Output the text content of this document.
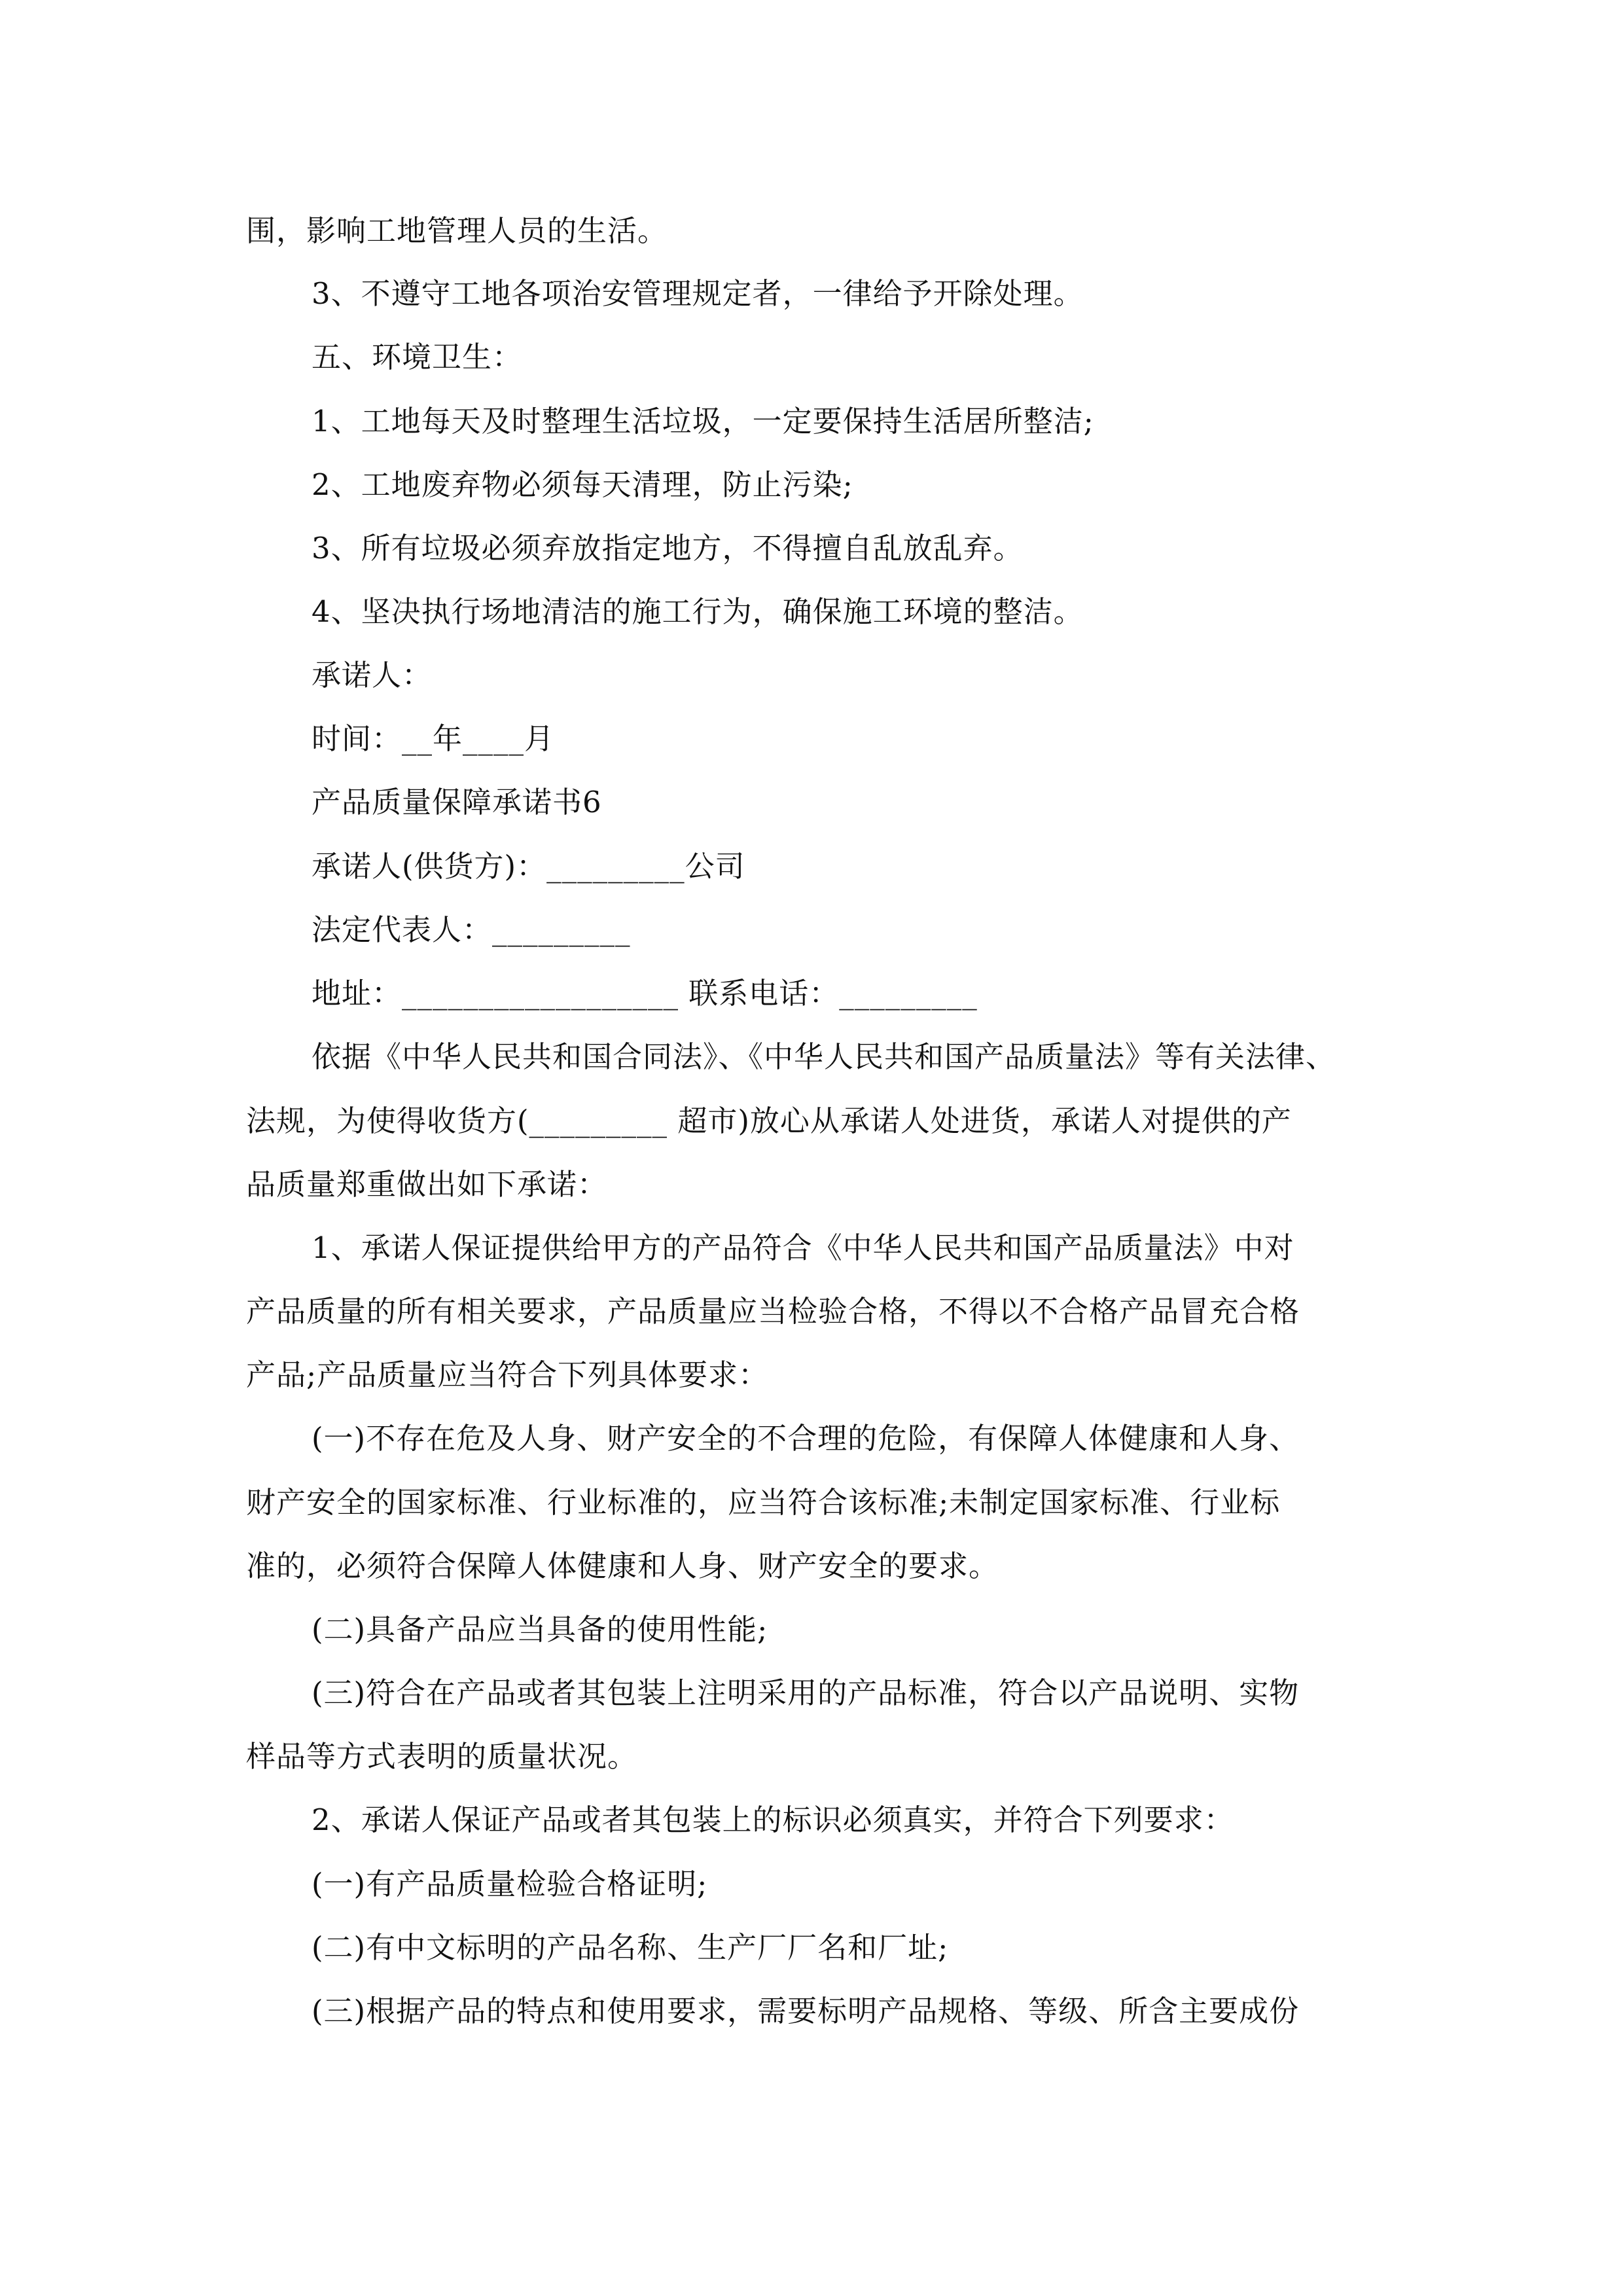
围，影响工地管理人员的生活。
3、不遵守工地各项治安管理规定者，一律给予开除处理。
五、环境卫生：
1、工地每天及时整理生活垃圾，一定要保持生活居所整洁;
2、工地废弃物必须每天清理，防止污染;
3、所有垃圾必须弃放指定地方，不得擅自乱放乱弃。
4、坚决执行场地清洁的施工行为，确保施工环境的整洁。
承诺人：
时间：__年____月
产品质量保障承诺书6
承诺人(供货方)：_________公司
法定代表人：_________
地址：__________________ 联系电话：_________
依据《中华人民共和国合同法》、《中华人民共和国产品质量法》等有关法律、
法规，为使得收货方(_________ 超市)放心从承诺人处进货，承诺人对提供的产
品质量郑重做出如下承诺：
1、承诺人保证提供给甲方的产品符合《中华人民共和国产品质量法》中对
产品质量的所有相关要求，产品质量应当检验合格，不得以不合格产品冒充合格
产品;产品质量应当符合下列具体要求：
(一)不存在危及人身、财产安全的不合理的危险，有保障人体健康和人身、
财产安全的国家标准、行业标准的，应当符合该标准;未制定国家标准、行业标
准的，必须符合保障人体健康和人身、财产安全的要求。
(二)具备产品应当具备的使用性能;
(三)符合在产品或者其包装上注明采用的产品标准，符合以产品说明、实物
样品等方式表明的质量状况。
2、承诺人保证产品或者其包装上的标识必须真实，并符合下列要求：
(一)有产品质量检验合格证明;
(二)有中文标明的产品名称、生产厂厂名和厂址;
(三)根据产品的特点和使用要求，需要标明产品规格、等级、所含主要成份
